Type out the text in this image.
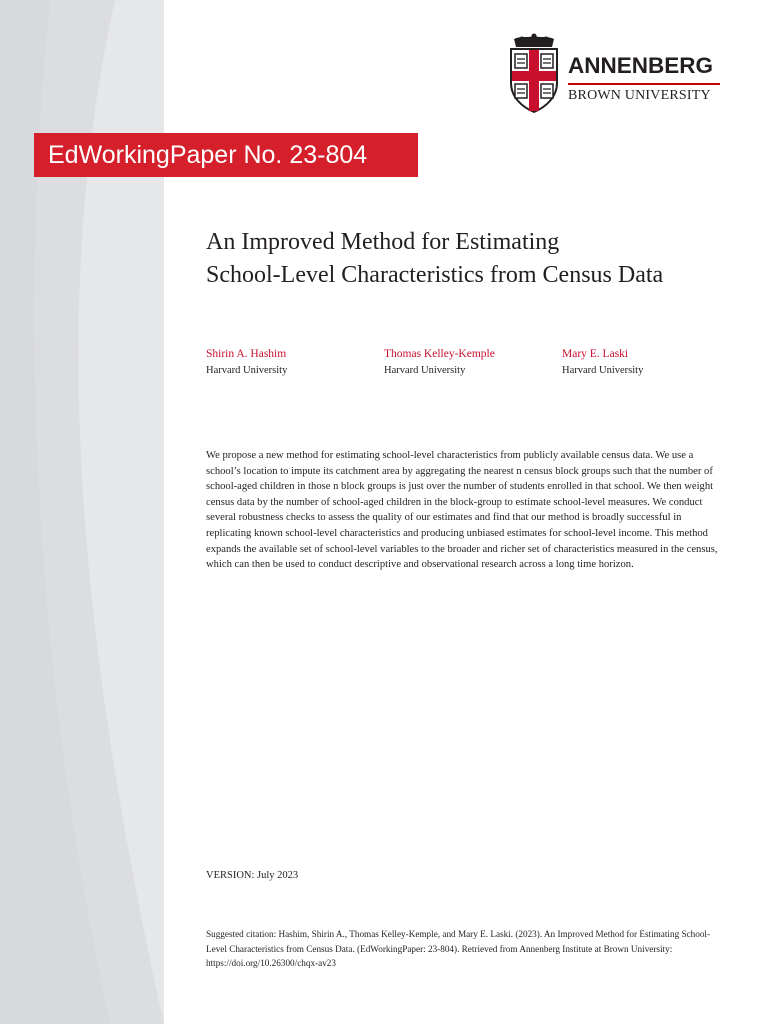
ANNENBERG
BROWN UNIVERSITY
EdWorkingPaper No. 23-804
An Improved Method for Estimating
School-Level Characteristics from Census Data
Shirin A. Hashim
Harvard University
Thomas Kelley-Kemple
Harvard University
Mary E. Laski
Harvard University

We propose a new method for estimating school-level characteristics from publicly available census data. We use a school’s location to impute its catchment area by aggregating the nearest n census block groups such that the number of school-aged children in those n block groups is just over the number of students enrolled in that school. We then weight census data by the number of school-aged children in the block-group to estimate school-level measures. We conduct several robustness checks to assess the quality of our estimates and find that our method is broadly successful in replicating known school-level characteristics and producing unbiased estimates for school-level income. This method expands the available set of school-level variables to the broader and richer set of characteristics measured in the census, which can then be used to conduct descriptive and observational research across a long time horizon.

VERSION: July 2023

Suggested citation: Hashim, Shirin A., Thomas Kelley-Kemple, and Mary E. Laski. (2023). An Improved Method for Estimating School-Level Characteristics from Census Data. (EdWorkingPaper: 23-804). Retrieved from Annenberg Institute at Brown University: https://doi.org/10.26300/chqx-av23
